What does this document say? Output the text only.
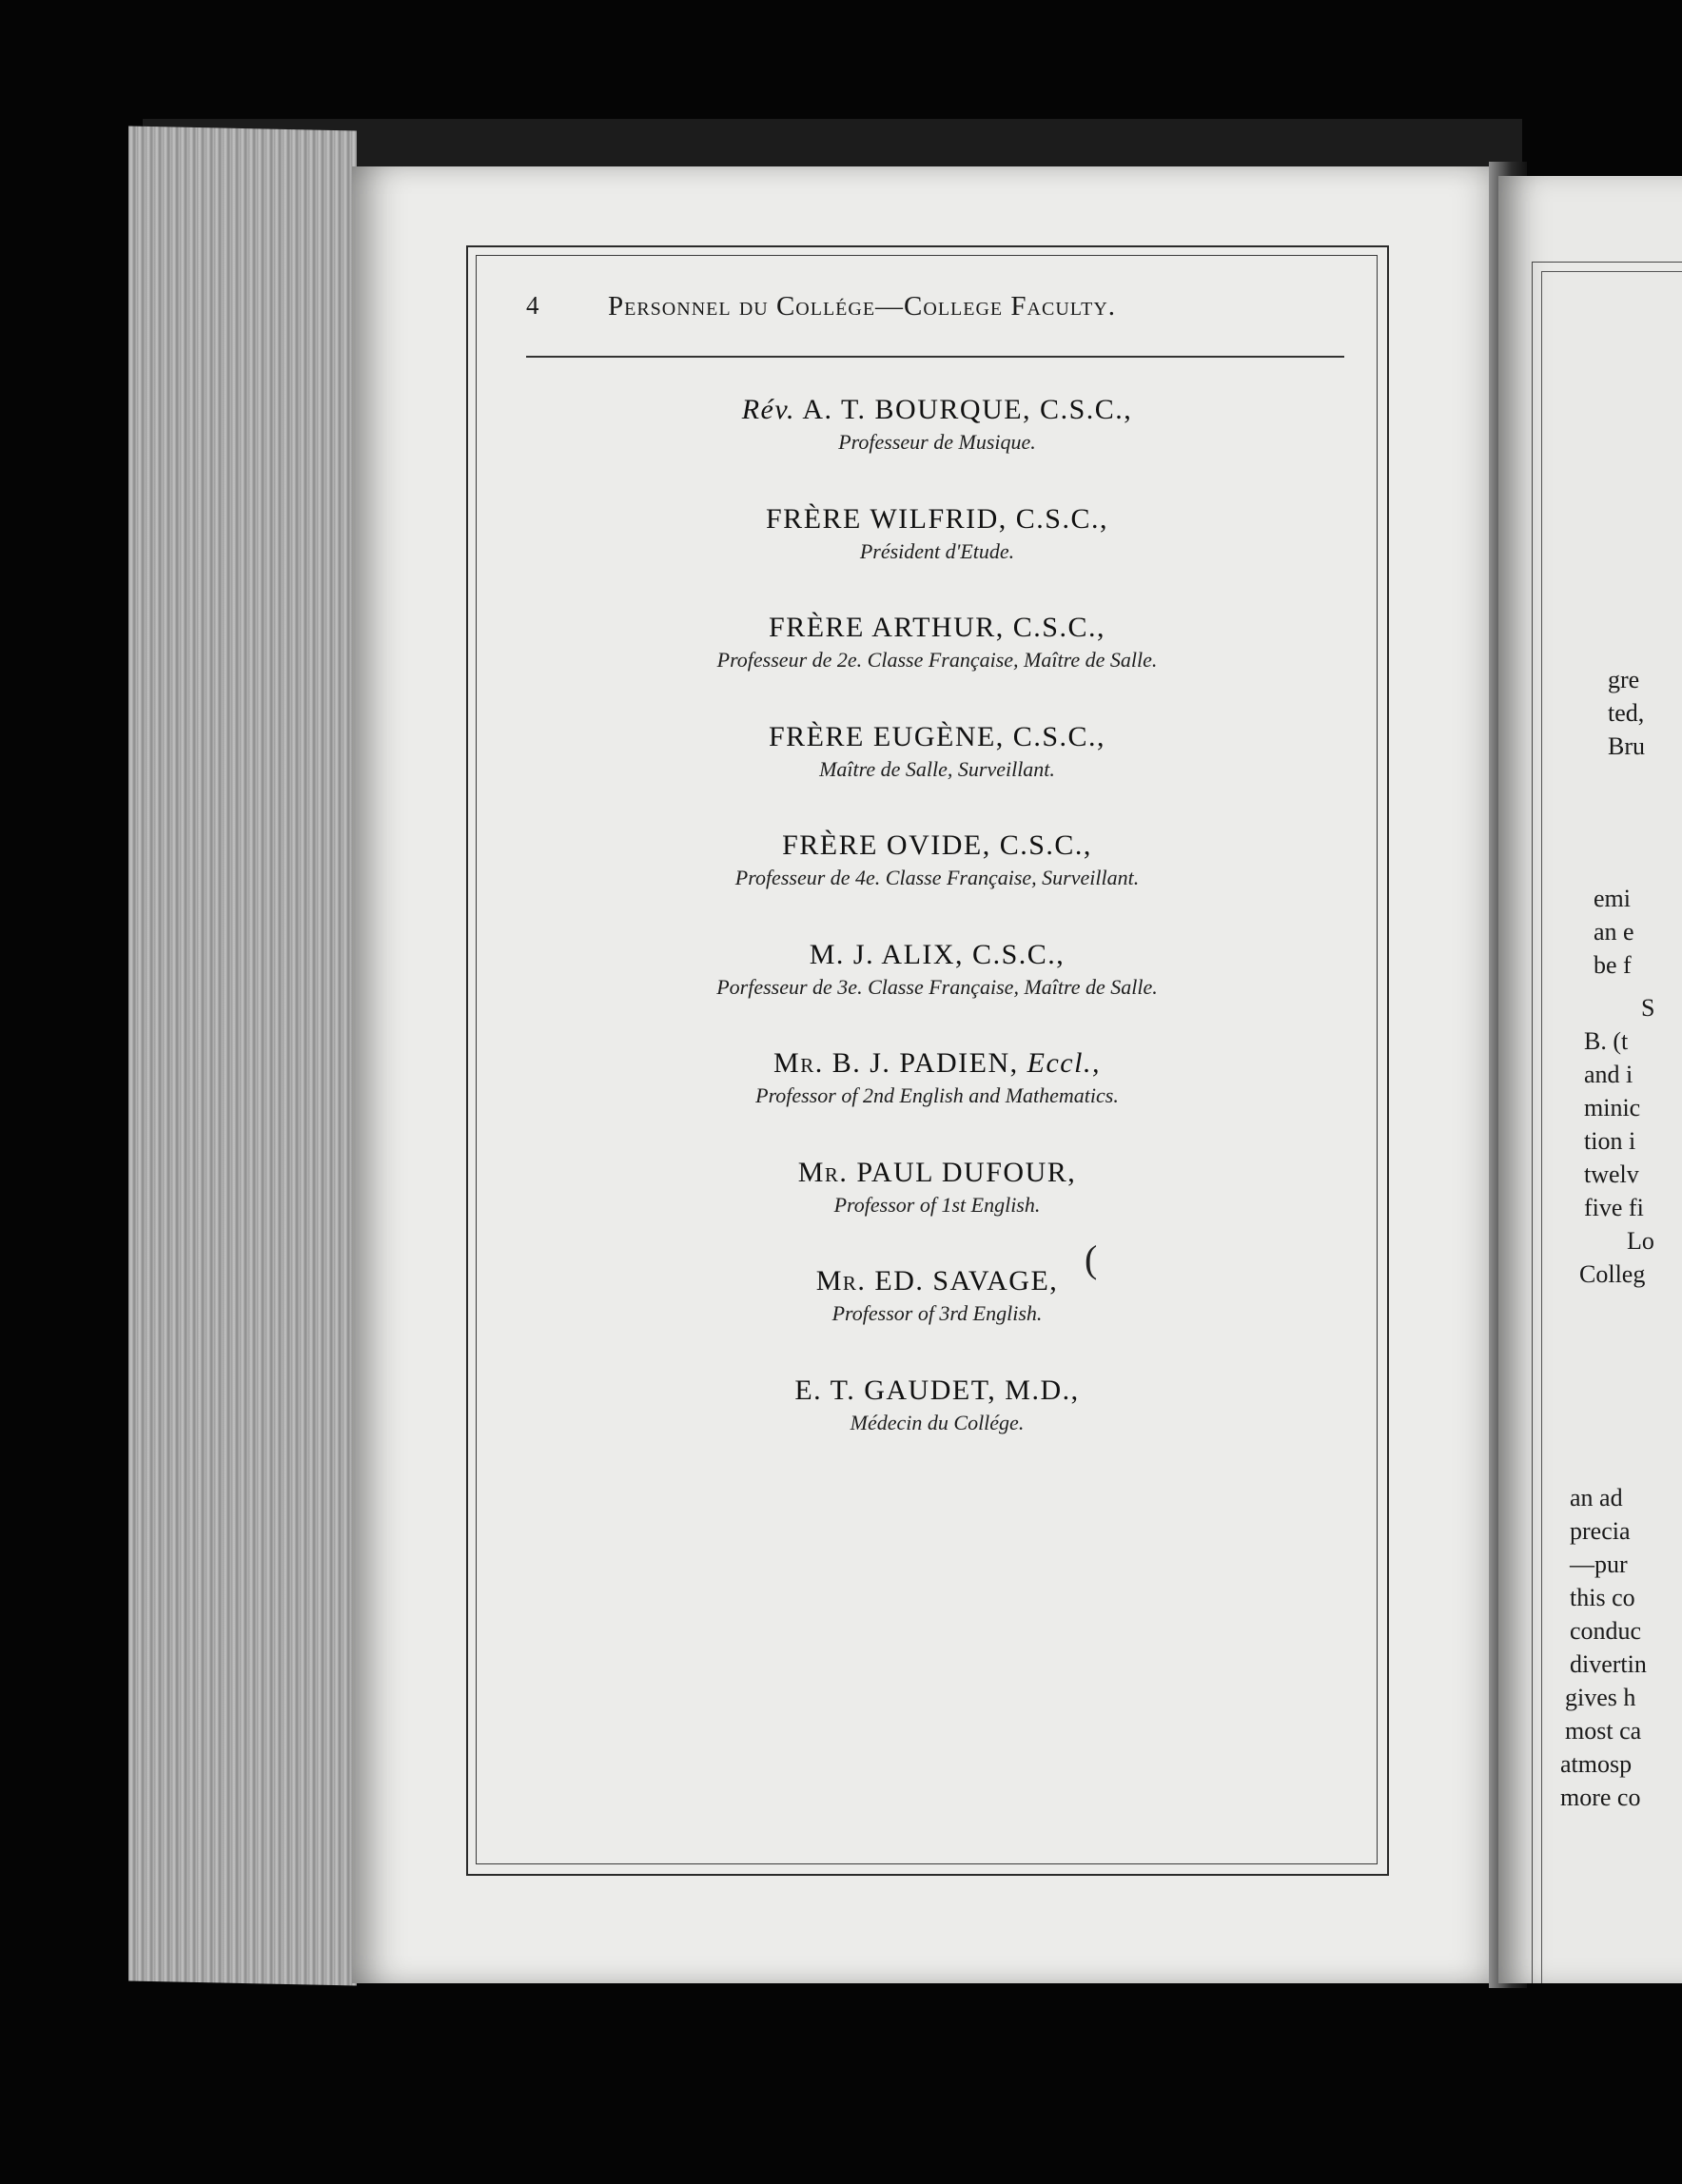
gre
ted,
Bru
emi
an e
be f
S
B. (t
and i
minic
tion i
twelv
five fi
Lo
Colleg
an ad
precia
—pur
this co
conduc
divertin
gives h
most ca
atmosp
more co
4 Personnel du Collége—College Faculty.
Rév. A. T. BOURQUE, C.S.C.,
Professeur de Musique.
FRÈRE WILFRID, C.S.C.,
Président d'Etude.
FRÈRE ARTHUR, C.S.C.,
Professeur de 2e. Classe Française, Maître de Salle.
FRÈRE EUGÈNE, C.S.C.,
Maître de Salle, Surveillant.
FRÈRE OVIDE, C.S.C.,
Professeur de 4e. Classe Française, Surveillant.
M. J. ALIX, C.S.C.,
Porfesseur de 3e. Classe Française, Maître de Salle.
Mr. B. J. PADIEN, Eccl.,
Professor of 2nd English and Mathematics.
Mr. PAUL DUFOUR,
Professor of 1st English.
Mr. ED. SAVAGE,
Professor of 3rd English.
E. T. GAUDET, M.D.,
Médecin du Collége.
(
